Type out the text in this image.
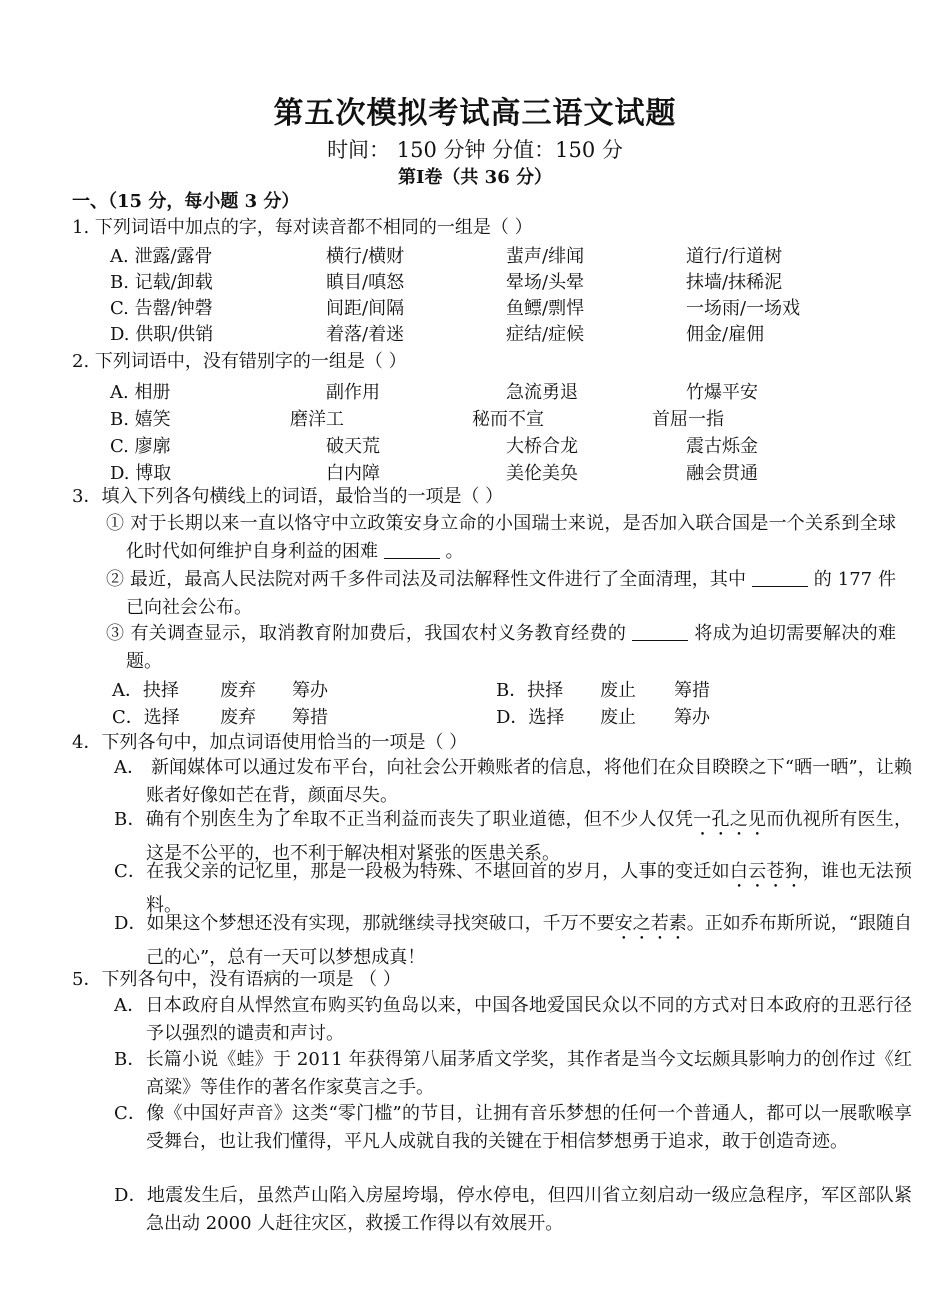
第五次模拟考试高三语文试题
时间： 150 分钟 分值：150 分
第Ⅰ卷（共 36 分）
一、（15 分，每小题 3 分）
1. 下列词语中加点的字，每对读音都不相同的一组是（ ）
A. 泄露/露骨	横行/横财	蜚声/绯闻	道行/行道树
B. 记载/卸载	瞋目/嗔怒	晕场/头晕	抹墙/抹稀泥
C. 告罄/钟磬	间距/间隔	鱼鳔/剽悍	一场雨/一场戏
D. 供职/供销	着落/着迷	症结/症候	佣金/雇佣
2. 下列词语中，没有错别字的一组是（ ）
A. 相册	副作用	急流勇退	竹爆平安
B. 嬉笑	磨洋工	秘而不宣	首屈一指
C. 廖廓	破天荒	大桥合龙	震古烁金
D. 博取	白内障	美伦美奂	融会贯通
3．填入下列各句横线上的词语，最恰当的一项是（ ）
① 对于长期以来一直以恪守中立政策安身立命的小国瑞士来说，是否加入联合国是一个关系到全球化时代如何维护自身利益的困难	。
② 最近，最高人民法院对两千多件司法及司法解释性文件进行了全面清理，其中	的 177 件已向社会公布。
③ 有关调查显示，取消教育附加费后，我国农村义务教育经费的	将成为迫切需要解决的难题。
A．抉择 废弃 筹办	B．抉择 废止 筹措
C．选择 废弃 筹措	D．选择 废止 筹办
4．下列各句中，加点词语使用恰当的一项是（ ）
A． 新闻媒体可以通过发布平台，向社会公开赖账者的信息，将他们在众目睽睽之下“晒一晒”，让赖账者好像如芒在背，颜面尽失。
B．确有个别医生为了牟取不正当利益而丧失了职业道德，但不少人仅凭一孔之见而仇视所有医生，这是不公平的，也不利于解决相对紧张的医患关系。
C．在我父亲的记忆里，那是一段极为特殊、不堪回首的岁月，人事的变迁如白云苍狗，谁也无法预料。
D．如果这个梦想还没有实现，那就继续寻找突破口，千万不要安之若素。正如乔布斯所说，“跟随自己的心”，总有一天可以梦想成真！
5．下列各句中，没有语病的一项是 （ ）
A．日本政府自从悍然宣布购买钓鱼岛以来，中国各地爱国民众以不同的方式对日本政府的丑恶行径予以强烈的谴责和声讨。
B．长篇小说《蛙》于 2011 年获得第八届茅盾文学奖，其作者是当今文坛颇具影响力的创作过《红高粱》等佳作的著名作家莫言之手。
C．像《中国好声音》这类“零门槛”的节目，让拥有音乐梦想的任何一个普通人，都可以一展歌喉享受舞台，也让我们懂得，平凡人成就自我的关键在于相信梦想勇于追求，敢于创造奇迹。
D．地震发生后，虽然芦山陷入房屋垮塌，停水停电，但四川省立刻启动一级应急程序，军区部队紧急出动 2000 人赶往灾区，救援工作得以有效展开。
